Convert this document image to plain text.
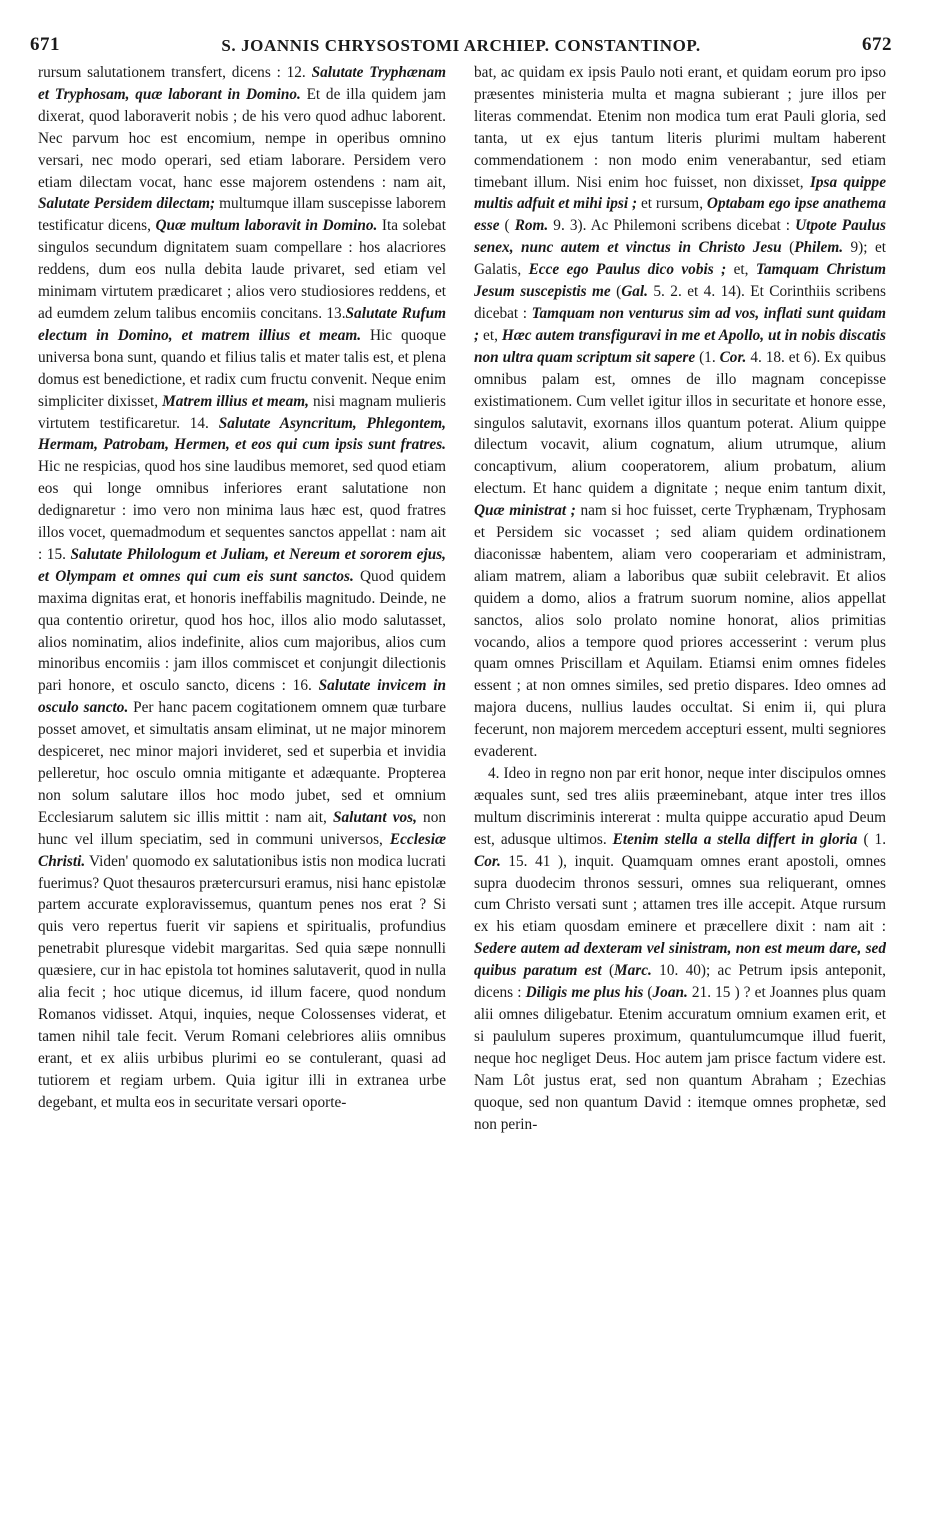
671	S. JOANNIS CHRYSOSTOMI ARCHIEP. CONSTANTINOP.	672

rursum salutationem transfert, dicens : 12. Salutate Tryphænam et Tryphosam, quæ laborant in Domino. Et de illa quidem jam dixerat, quod laboraverit nobis ; de his vero quod adhuc laborent. Nec parvum hoc est encomium, nempe in operibus omnino versari, nec modo operari, sed etiam laborare. Persidem vero etiam dilectam vocat, hanc esse majorem ostendens : nam ait, Salutate Persidem dilectam; multumque illam suscepisse laborem testificatur dicens, Quæ multum laboravit in Domino. Ita solebat singulos secundum dignitatem suam compellare : hos alacriores reddens, dum eos nulla debita laude privaret, sed etiam vel minimam virtutem prædicaret ; alios vero studiosiores reddens, et ad eumdem zelum talibus encomiis concitans. 13.Salutate Rufum electum in Domino, et matrem illius et meam. Hic quoque universa bona sunt, quando et filius talis et mater talis est, et plena domus est benedictione, et radix cum fructu convenit. Neque enim simpliciter dixisset, Matrem illius et meam, nisi magnam mulieris virtutem testificaretur. 14. Salutate Asyncritum, Phlegontem, Hermam, Patrobam, Hermen, et eos qui cum ipsis sunt fratres. Hic ne respicias, quod hos sine laudibus memoret, sed quod etiam eos qui longe omnibus inferiores erant salutatione non dedignaretur : imo vero non minima laus hæc est, quod fratres illos vocet, quemadmodum et sequentes sanctos appellat : nam ait : 15. Salutate Philologum et Juliam, et Nereum et sororem ejus, et Olympam et omnes qui cum eis sunt sanctos. Quod quidem maxima dignitas erat, et honoris ineffabilis magnitudo. Deinde, ne qua contentio oriretur, quod hos hoc, illos alio modo salutasset, alios nominatim, alios indefinite, alios cum majoribus, alios cum minoribus encomiis : jam illos commiscet et conjungit dilectionis pari honore, et osculo sancto, dicens : 16. Salutate invicem in osculo sancto. Per hanc pacem cogitationem omnem quæ turbare posset amovet, et simultatis ansam eliminat, ut ne major minorem despiceret, nec minor majori invideret, sed et superbia et invidia pelleretur, hoc osculo omnia mitigante et adæquante. Propterea non solum salutare illos hoc modo jubet, sed et omnium Ecclesiarum salutem sic illis mittit : nam ait, Salutant vos, non hunc vel illum speciatim, sed in communi universos, Ecclesiæ Christi. Viden' quomodo ex salutationibus istis non modica lucrati fuerimus? Quot thesauros prætercursuri eramus, nisi hanc epistolæ partem accurate exploravissemus, quantum penes nos erat ? Si quis vero repertus fuerit vir sapiens et spiritualis, profundius penetrabit pluresque videbit margaritas. Sed quia sæpe nonnulli quæsiere, cur in hac epistola tot homines salutaverit, quod in nulla alia fecit ; hoc utique dicemus, id illum facere, quod nondum Romanos vidisset. Atqui, inquies, neque Colossenses viderat, et tamen nihil tale fecit. Verum Romani celebriores aliis omnibus erant, et ex aliis urbibus plurimi eo se contulerant, quasi ad tutiorem et regiam urbem. Quia igitur illi in extranea urbe degebant, et multa eos in securitate versari oporte-

bat, ac quidam ex ipsis Paulo noti erant, et quidam eorum pro ipso præsentes ministeria multa et magna subierant ; jure illos per literas commendat. Etenim non modica tum erat Pauli gloria, sed tanta, ut ex ejus tantum literis plurimi multam haberent commendationem : non modo enim venerabantur, sed etiam timebant illum. Nisi enim hoc fuisset, non dixisset, Ipsa quippe multis adfuit et mihi ipsi ; et rursum, Optabam ego ipse anathema esse ( Rom. 9. 3). Ac Philemoni scribens dicebat : Utpote Paulus senex, nunc autem et vinctus in Christo Jesu (Philem. 9); et Galatis, Ecce ego Paulus dico vobis ; et, Tamquam Christum Jesum suscepistis me (Gal. 5. 2. et 4. 14). Et Corinthiis scribens dicebat : Tamquam non venturus sim ad vos, inflati sunt quidam ; et, Hæc autem transfiguravi in me et Apollo, ut in nobis discatis non ultra quam scriptum sit sapere (1. Cor. 4. 18. et 6). Ex quibus omnibus palam est, omnes de illo magnam concepisse existimationem. Cum vellet igitur illos in securitate et honore esse, singulos salutavit, exornans illos quantum poterat. Alium quippe dilectum vocavit, alium cognatum, alium utrumque, alium concaptivum, alium cooperatorem, alium probatum, alium electum. Et hanc quidem a dignitate ; neque enim tantum dixit, Quæ ministrat ; nam si hoc fuisset, certe Tryphænam, Tryphosam et Persidem sic vocasset ; sed aliam quidem ordinationem diaconissæ habentem, aliam vero cooperariam et administram, aliam matrem, aliam a laboribus quæ subiit celebravit. Et alios quidem a domo, alios a fratrum suorum nomine, alios appellat sanctos, alios solo prolato nomine honorat, alios primitias vocando, alios a tempore quod priores accesserint : verum plus quam omnes Priscillam et Aquilam. Etiamsi enim omnes fideles essent ; at non omnes similes, sed pretio dispares. Ideo omnes ad majora ducens, nullius laudes occultat. Si enim ii, qui plura fecerunt, non majorem mercedem accepturi essent, multi segniores evaderent.

4. Ideo in regno non par erit honor, neque inter discipulos omnes æquales sunt, sed tres aliis præeminebant, atque inter tres illos multum discriminis intererat : multa quippe accuratio apud Deum est, adusque ultimos. Etenim stella a stella differt in gloria ( 1. Cor. 15. 41 ), inquit. Quamquam omnes erant apostoli, omnes supra duodecim thronos sessuri, omnes sua reliquerant, omnes cum Christo versati sunt ; attamen tres ille accepit. Atque rursum ex his etiam quosdam eminere et præcellere dixit : nam ait : Sedere autem ad dexteram vel sinistram, non est meum dare, sed quibus paratum est (Marc. 10. 40); ac Petrum ipsis anteponit, dicens : Diligis me plus his (Joan. 21. 15 ) ? et Joannes plus quam alii omnes diligebatur. Etenim accuratum omnium examen erit, et si paululum superes proximum, quantulumcumque illud fuerit, neque hoc negliget Deus. Hoc autem jam prisce factum videre est. Nam Lôt justus erat, sed non quantum Abraham ; Ezechias quoque, sed non quantum David : itemque omnes prophetæ, sed non perin-
